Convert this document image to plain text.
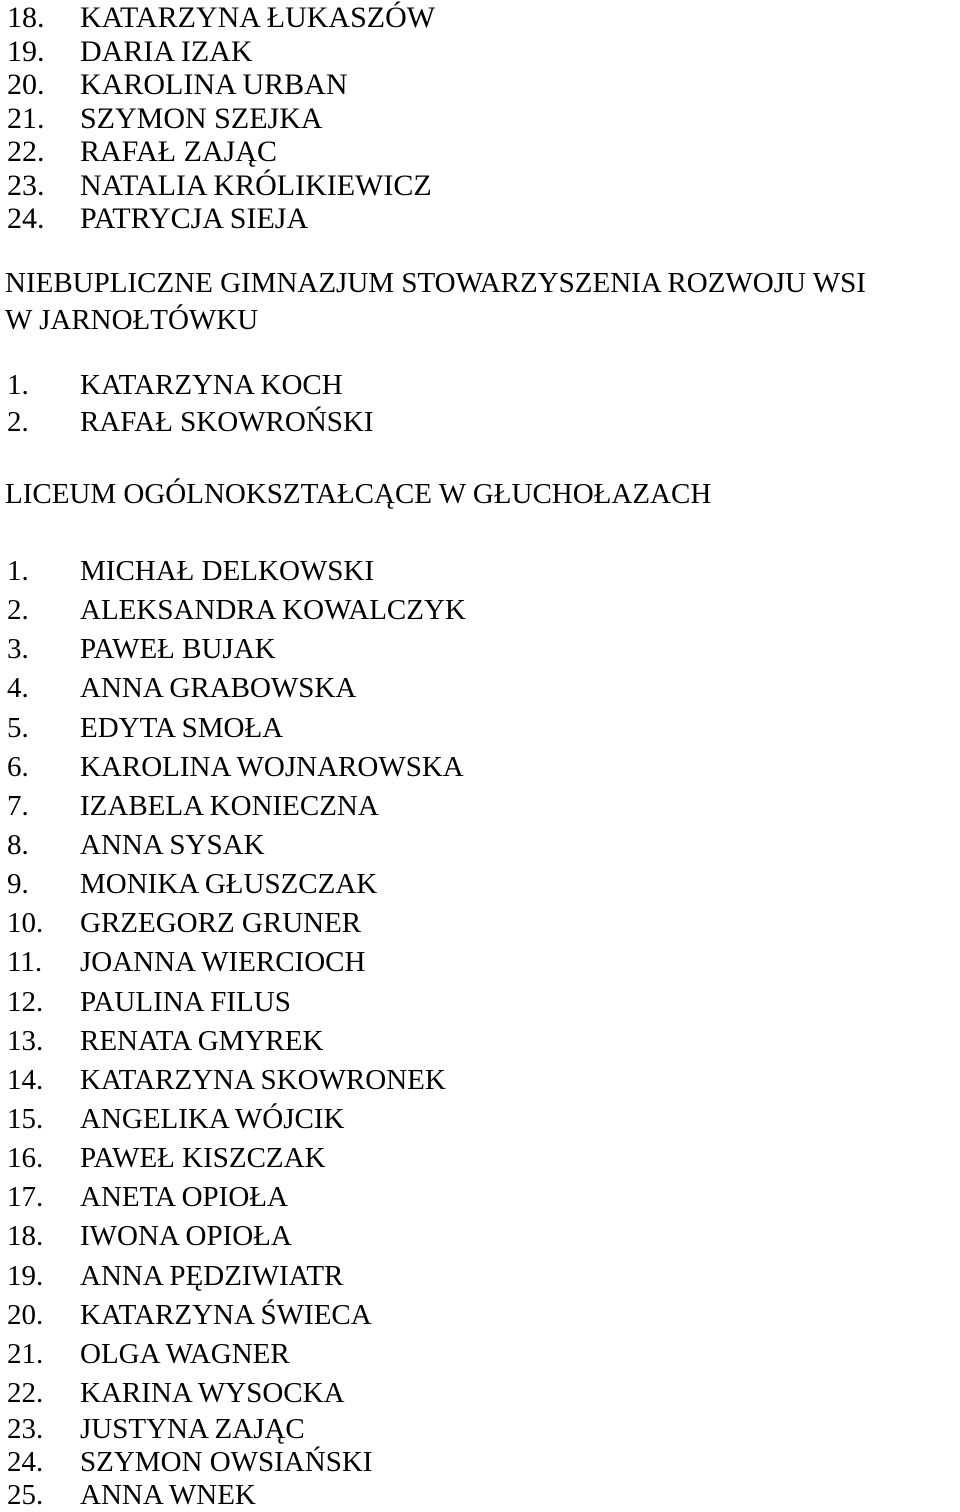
18. KATARZYNA ŁUKASZÓW
19. DARIA IZAK
20. KAROLINA URBAN
21. SZYMON SZEJKA
22. RAFAŁ ZAJĄC
23. NATALIA KRÓLIKIEWICZ
24. PATRYCJA SIEJA
NIEBUPLICZNE GIMNAZJUM STOWARZYSZENIA ROZWOJU WSI
W JARNOŁTÓWKU
1. KATARZYNA KOCH
2. RAFAŁ SKOWROŃSKI
LICEUM OGÓLNOKSZTAŁCĄCE W GŁUCHOŁAZACH
1. MICHAŁ DELKOWSKI
2. ALEKSANDRA KOWALCZYK
3. PAWEŁ BUJAK
4. ANNA GRABOWSKA
5. EDYTA SMOŁA
6. KAROLINA WOJNAROWSKA
7. IZABELA KONIECZNA
8. ANNA SYSAK
9. MONIKA GŁUSZCZAK
10. GRZEGORZ GRUNER
11. JOANNA WIERCIOCH
12. PAULINA FILUS
13. RENATA GMYREK
14. KATARZYNA SKOWRONEK
15. ANGELIKA WÓJCIK
16. PAWEŁ KISZCZAK
17. ANETA OPIOŁA
18. IWONA OPIOŁA
19. ANNA PĘDZIWIATR
20. KATARZYNA ŚWIECA
21. OLGA WAGNER
22. KARINA WYSOCKA
23. JUSTYNA ZAJĄC
24. SZYMON OWSIAŃSKI
25. ANNA WNEK
